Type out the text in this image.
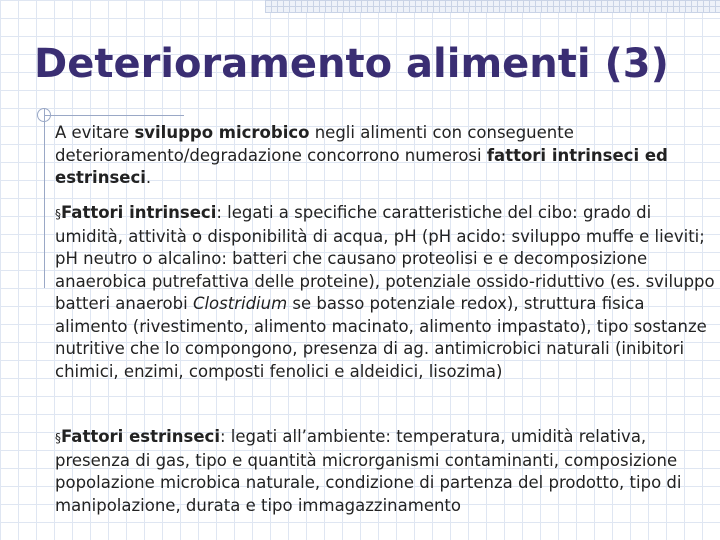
Deterioramento alimenti (3)

A evitare sviluppo microbico negli alimenti con conseguente deterioramento/degradazione concorrono numerosi fattori intrinseci ed estrinseci.

§Fattori intrinseci: legati a specifiche caratteristiche del cibo: grado di umidità, attività o disponibilità di acqua, pH (pH acido: sviluppo muffe e lieviti; pH neutro o alcalino: batteri che causano proteolisi e e decomposizione anaerobica putrefattiva delle proteine), potenziale ossido-riduttivo (es. sviluppo batteri anaerobi Clostridium se basso potenziale redox), struttura fisica alimento (rivestimento, alimento macinato, alimento impastato), tipo sostanze nutritive che lo compongono, presenza di ag. antimicrobici naturali (inibitori chimici, enzimi, composti fenolici e aldeidici, lisozima)

§Fattori estrinseci: legati all’ambiente: temperatura, umidità relativa, presenza di gas, tipo e quantità microrganismi contaminanti, composizione popolazione microbica naturale, condizione di partenza del prodotto, tipo di manipolazione, durata e tipo immagazzinamento
